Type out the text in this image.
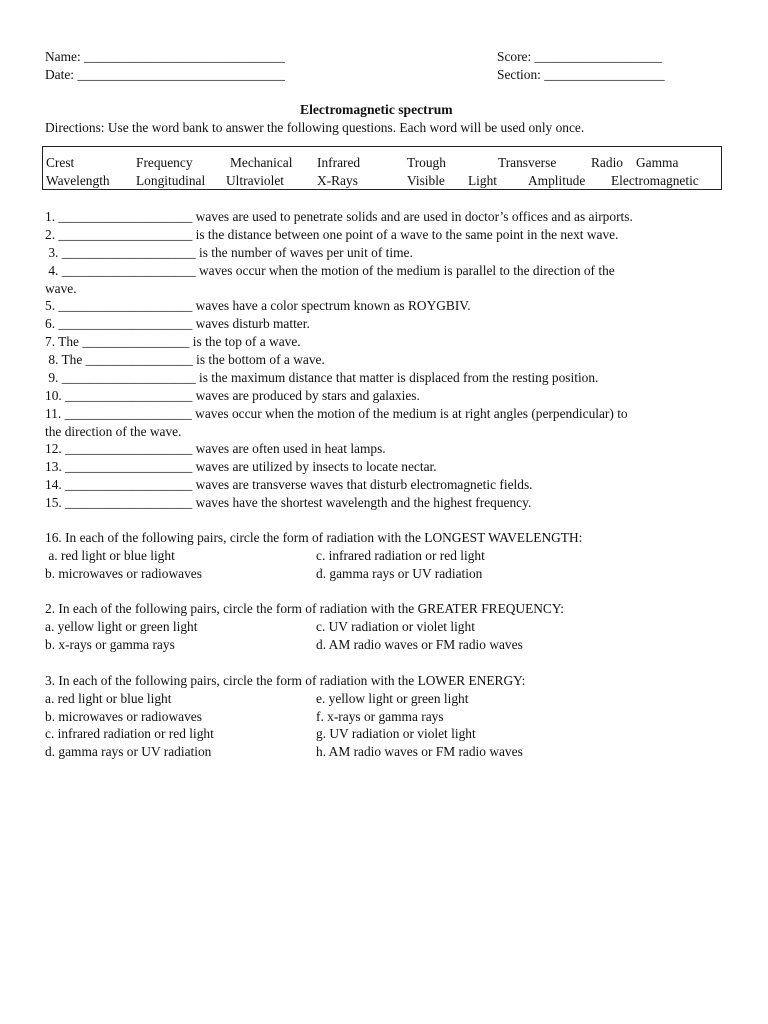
Name: ______________________________
Date: _______________________________
Score: ___________________
Section: __________________
Electromagnetic spectrum
Directions: Use the word bank to answer the following questions. Each word will be used only once.
Crest	Frequency	Mechanical Infrared	Trough	Transverse	Radio Gamma
Wavelength Longitudinal Ultraviolet X-Rays	Visible Light Amplitude Electromagnetic
1. ____________________ waves are used to penetrate solids and are used in doctor’s offices and as airports.
2. ____________________ is the distance between one point of a wave to the same point in the next wave.
3. ____________________ is the number of waves per unit of time.
4. ____________________ waves occur when the motion of the medium is parallel to the direction of the
wave.
5. ____________________ waves have a color spectrum known as ROYGBIV.
6. ____________________ waves disturb matter.
7. The ________________ is the top of a wave.
8. The ________________ is the bottom of a wave.
9. ____________________ is the maximum distance that matter is displaced from the resting position.
10. ___________________ waves are produced by stars and galaxies.
11. ___________________ waves occur when the motion of the medium is at right angles (perpendicular) to
the direction of the wave.
12. ___________________ waves are often used in heat lamps.
13. ___________________ waves are utilized by insects to locate nectar.
14. ___________________ waves are transverse waves that disturb electromagnetic fields.
15. ___________________ waves have the shortest wavelength and the highest frequency.
16. In each of the following pairs, circle the form of radiation with the LONGEST WAVELENGTH:
a. red light or blue light
b. microwaves or radiowaves
c. infrared radiation or red light
d. gamma rays or UV radiation
2. In each of the following pairs, circle the form of radiation with the GREATER FREQUENCY:
a. yellow light or green light
b. x-rays or gamma rays
c. UV radiation or violet light
d. AM radio waves or FM radio waves
3. In each of the following pairs, circle the form of radiation with the LOWER ENERGY:
a. red light or blue light
b. microwaves or radiowaves
c. infrared radiation or red light
d. gamma rays or UV radiation
e. yellow light or green light
f. x-rays or gamma rays
g. UV radiation or violet light
h. AM radio waves or FM radio waves
